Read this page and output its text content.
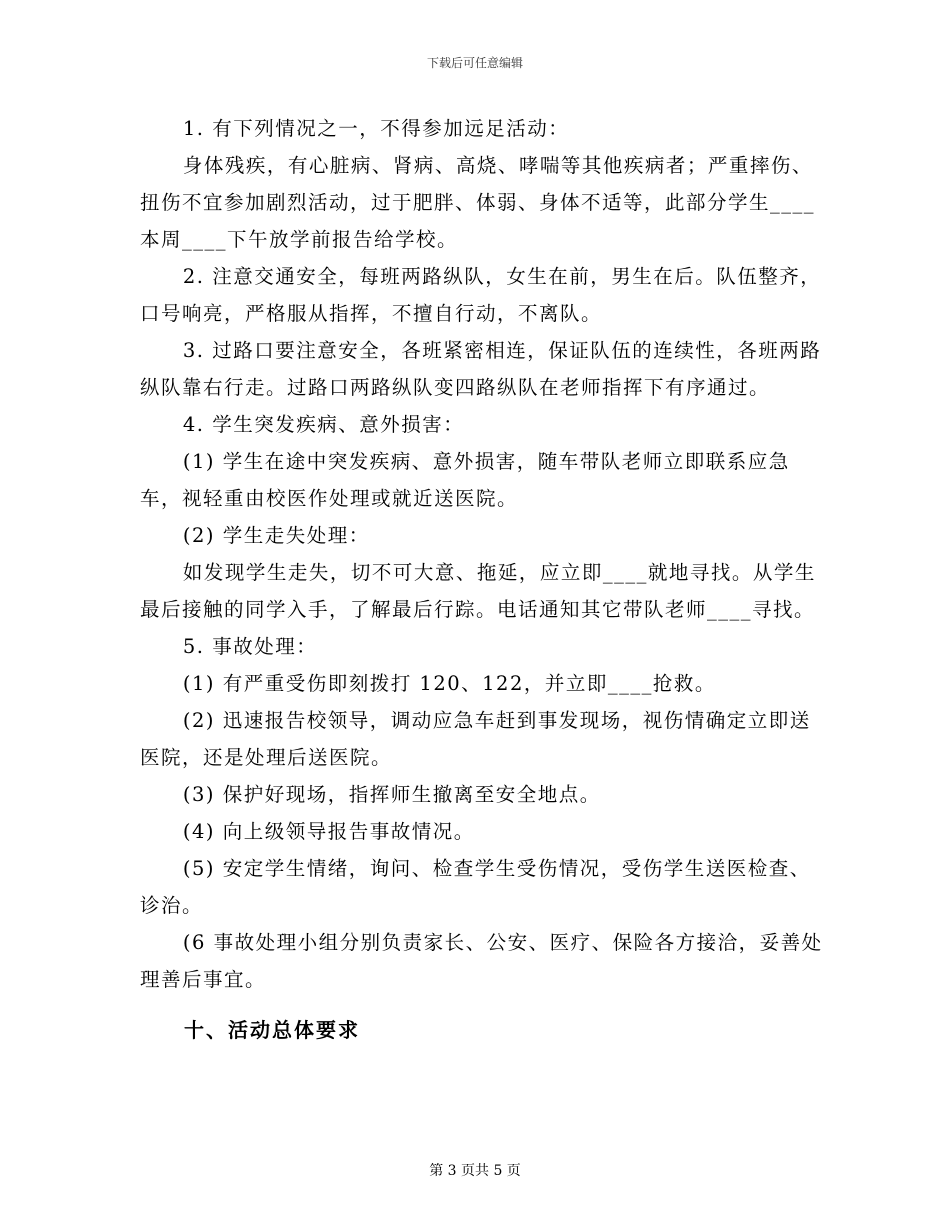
下载后可任意编辑

1. 有下列情况之一，不得参加远足活动：

身体残疾，有心脏病、肾病、高烧、哮喘等其他疾病者；严重摔伤、扭伤不宜参加剧烈活动，过于肥胖、体弱、身体不适等，此部分学生____本周____下午放学前报告给学校。

2. 注意交通安全，每班两路纵队，女生在前，男生在后。队伍整齐，口号响亮，严格服从指挥，不擅自行动，不离队。

3. 过路口要注意安全，各班紧密相连，保证队伍的连续性，各班两路纵队靠右行走。过路口两路纵队变四路纵队在老师指挥下有序通过。

4. 学生突发疾病、意外损害：

(1) 学生在途中突发疾病、意外损害，随车带队老师立即联系应急车，视轻重由校医作处理或就近送医院。

(2) 学生走失处理：

如发现学生走失，切不可大意、拖延，应立即____就地寻找。从学生最后接触的同学入手，了解最后行踪。电话通知其它带队老师____寻找。

5. 事故处理：

(1) 有严重受伤即刻拨打 120、122，并立即____抢救。

(2) 迅速报告校领导，调动应急车赶到事发现场，视伤情确定立即送医院，还是处理后送医院。

(3) 保护好现场，指挥师生撤离至安全地点。

(4) 向上级领导报告事故情况。

(5) 安定学生情绪，询问、检查学生受伤情况，受伤学生送医检查、诊治。

(6 事故处理小组分别负责家长、公安、医疗、保险各方接洽，妥善处理善后事宜。

十、活动总体要求
第 3 页共 5 页
